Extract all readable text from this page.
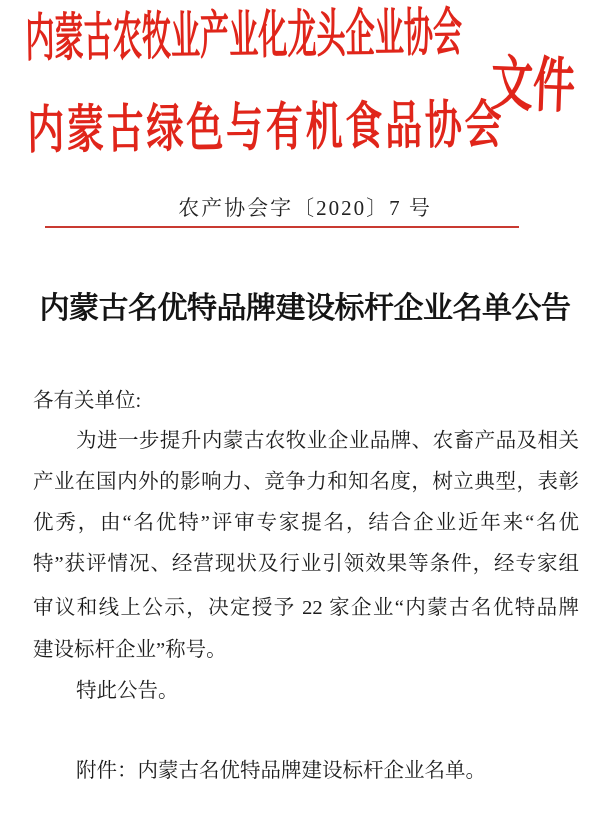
内蒙古农牧业产业化龙头企业协会
文件
内蒙古绿色与有机食品协会
农产协会字〔2020〕7 号
内蒙古名优特品牌建设标杆企业名单公告
各有关单位:
为进一步提升内蒙古农牧业企业品牌、农畜产品及相关
产业在国内外的影响力、竞争力和知名度，树立典型，表彰
优秀，由“名优特”评审专家提名，结合企业近年来“名优
特”获评情况、经营现状及行业引领效果等条件，经专家组
审议和线上公示，决定授予 22 家企业“内蒙古名优特品牌
建设标杆企业”称号。
特此公告。
附件：内蒙古名优特品牌建设标杆企业名单。
